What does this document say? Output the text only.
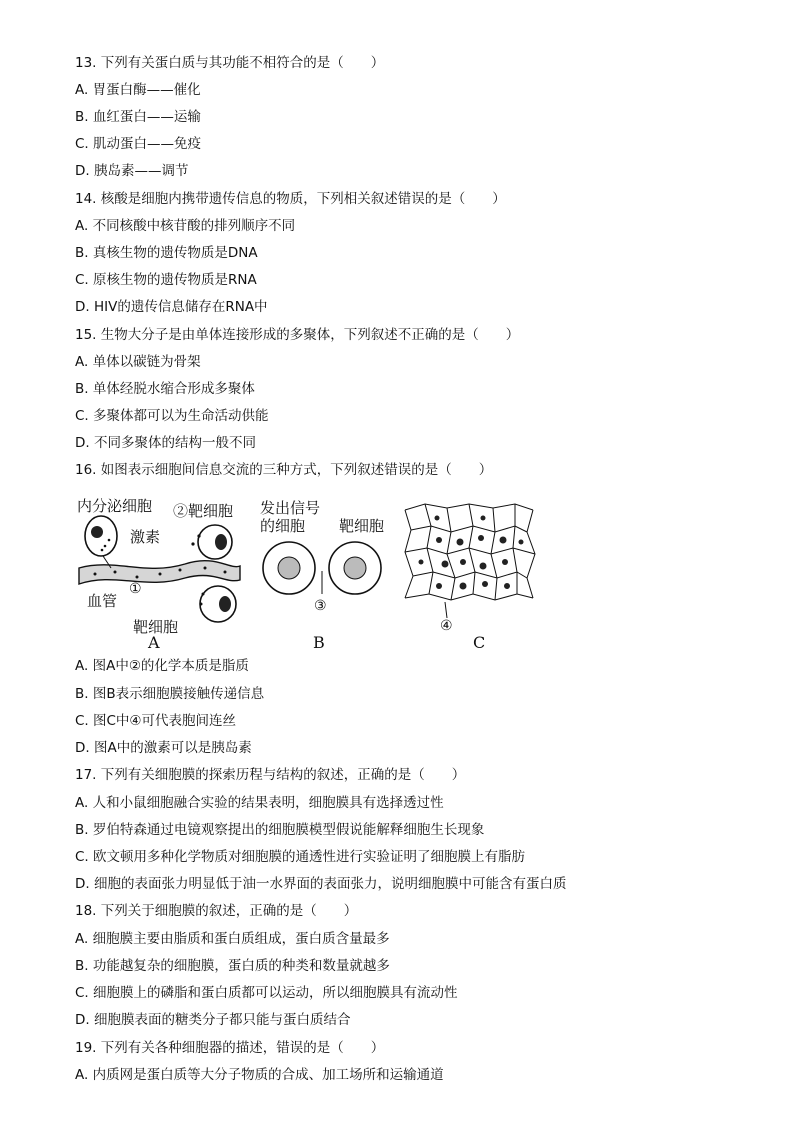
13. 下列有关蛋白质与其功能不相符合的是（　　）
A. 胃蛋白酶——催化
B. 血红蛋白——运输
C. 肌动蛋白——免疫
D. 胰岛素——调节
14. 核酸是细胞内携带遗传信息的物质，下列相关叙述错误的是（　　）
A. 不同核酸中核苷酸的排列顺序不同
B. 真核生物的遗传物质是DNA
C. 原核生物的遗传物质是RNA
D. HIV的遗传信息储存在RNA中
15. 生物大分子是由单体连接形成的多聚体，下列叙述不正确的是（　　）
A. 单体以碳链为骨架
B. 单体经脱水缩合形成多聚体
C. 多聚体都可以为生命活动供能
D. 不同多聚体的结构一般不同
16. 如图表示细胞间信息交流的三种方式，下列叙述错误的是（　　）
内分泌细胞
激素
①
血管
②靶细胞
靶细胞
A
发出信号
的细胞 靶细胞
③
B
④
C
A. 图A中②的化学本质是脂质
B. 图B表示细胞膜接触传递信息
C. 图C中④可代表胞间连丝
D. 图A中的激素可以是胰岛素
17. 下列有关细胞膜的探索历程与结构的叙述，正确的是（　　）
A. 人和小鼠细胞融合实验的结果表明，细胞膜具有选择透过性
B. 罗伯特森通过电镜观察提出的细胞膜模型假说能解释细胞生长现象
C. 欧文顿用多种化学物质对细胞膜的通透性进行实验证明了细胞膜上有脂肪
D. 细胞的表面张力明显低于油一水界面的表面张力，说明细胞膜中可能含有蛋白质
18. 下列关于细胞膜的叙述，正确的是（　　）
A. 细胞膜主要由脂质和蛋白质组成，蛋白质含量最多
B. 功能越复杂的细胞膜，蛋白质的种类和数量就越多
C. 细胞膜上的磷脂和蛋白质都可以运动，所以细胞膜具有流动性
D. 细胞膜表面的糖类分子都只能与蛋白质结合
19. 下列有关各种细胞器的描述，错误的是（　　）
A. 内质网是蛋白质等大分子物质的合成、加工场所和运输通道
